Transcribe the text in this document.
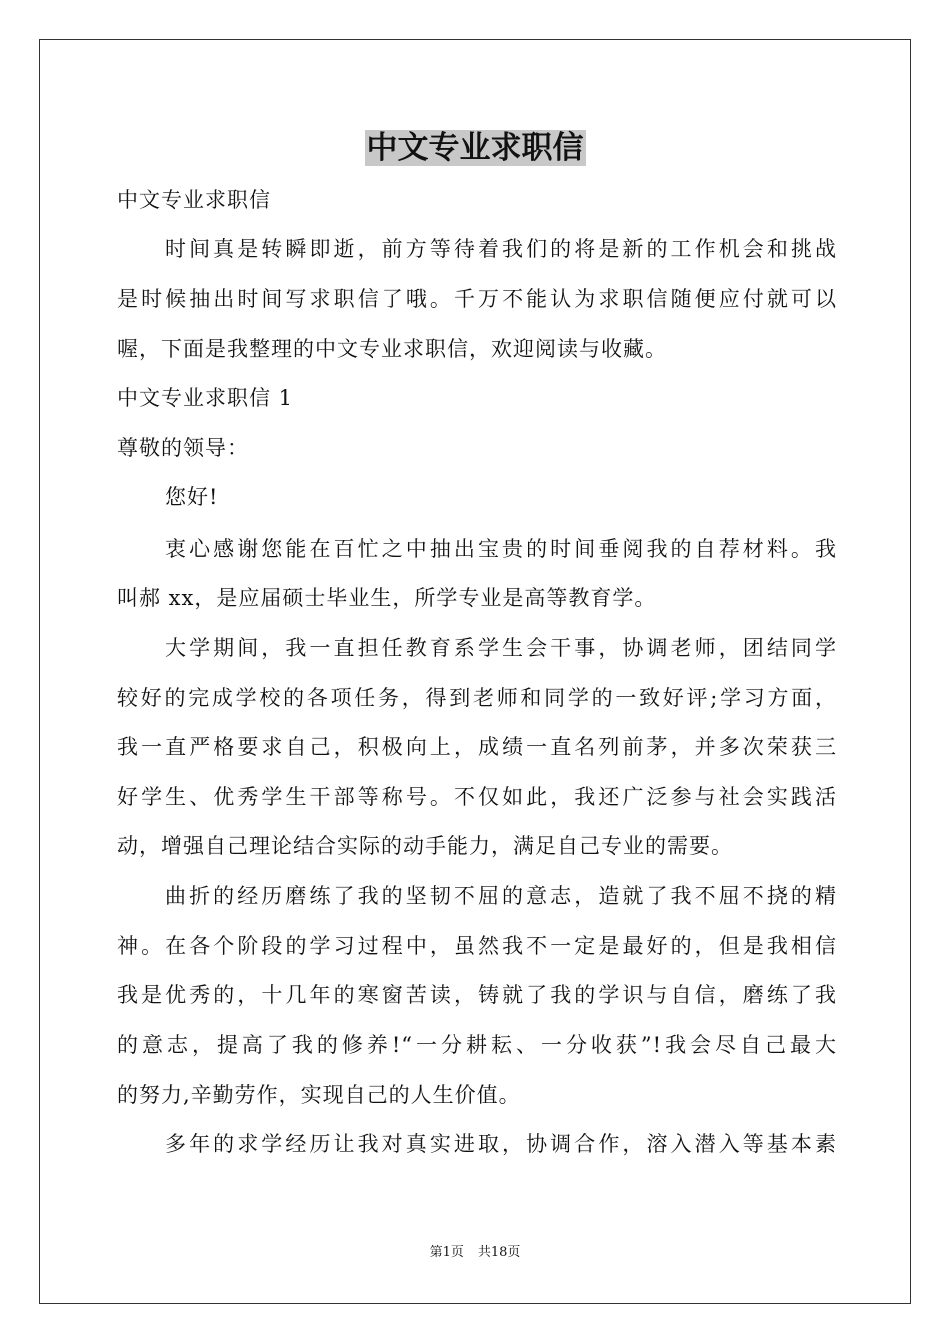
中文专业求职信
中文专业求职信
时间真是转瞬即逝，前方等待着我们的将是新的工作机会和挑战
是时候抽出时间写求职信了哦。千万不能认为求职信随便应付就可以
喔，下面是我整理的中文专业求职信，欢迎阅读与收藏。
中文专业求职信 1
尊敬的领导：
您好!
衷心感谢您能在百忙之中抽出宝贵的时间垂阅我的自荐材料。我
叫郝 xx，是应届硕士毕业生，所学专业是高等教育学。
大学期间，我一直担任教育系学生会干事，协调老师，团结同学
较好的完成学校的各项任务，得到老师和同学的一致好评;学习方面，
我一直严格要求自己，积极向上，成绩一直名列前茅，并多次荣获三
好学生、优秀学生干部等称号。不仅如此，我还广泛参与社会实践活
动，增强自己理论结合实际的动手能力，满足自己专业的需要。
曲折的经历磨练了我的坚韧不屈的意志，造就了我不屈不挠的精
神。在各个阶段的学习过程中，虽然我不一定是最好的，但是我相信
我是优秀的，十几年的寒窗苦读，铸就了我的学识与自信，磨练了我
的意志，提高了我的修养!“一分耕耘、一分收获”!我会尽自己最大
的努力,辛勤劳作，实现自己的人生价值。
多年的求学经历让我对真实进取，协调合作，溶入潜入等基本素
第1页 共18页
